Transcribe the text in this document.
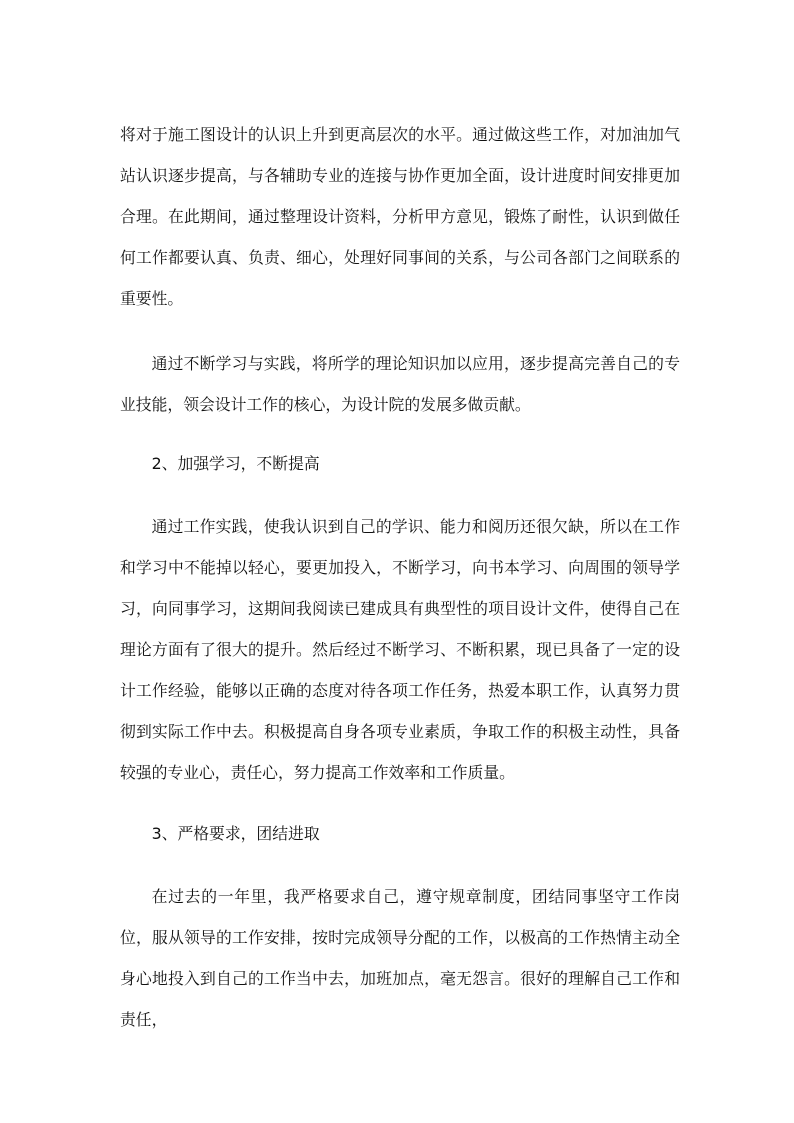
将对于施工图设计的认识上升到更高层次的水平。通过做这些工作，对加油加气站认识逐步提高，与各辅助专业的连接与协作更加全面，设计进度时间安排更加合理。在此期间，通过整理设计资料，分析甲方意见，锻炼了耐性，认识到做任何工作都要认真、负责、细心，处理好同事间的关系，与公司各部门之间联系的重要性。

通过不断学习与实践，将所学的理论知识加以应用，逐步提高完善自己的专业技能，领会设计工作的核心，为设计院的发展多做贡献。

2、加强学习，不断提高

通过工作实践，使我认识到自己的学识、能力和阅历还很欠缺，所以在工作和学习中不能掉以轻心，要更加投入，不断学习，向书本学习、向周围的领导学习，向同事学习，这期间我阅读已建成具有典型性的项目设计文件，使得自己在理论方面有了很大的提升。然后经过不断学习、不断积累，现已具备了一定的设计工作经验，能够以正确的态度对待各项工作任务，热爱本职工作，认真努力贯彻到实际工作中去。积极提高自身各项专业素质，争取工作的积极主动性，具备较强的专业心，责任心，努力提高工作效率和工作质量。

3、严格要求，团结进取

在过去的一年里，我严格要求自己，遵守规章制度，团结同事坚守工作岗位，服从领导的工作安排，按时完成领导分配的工作，以极高的工作热情主动全身心地投入到自己的工作当中去，加班加点，毫无怨言。很好的理解自己工作和责任，
